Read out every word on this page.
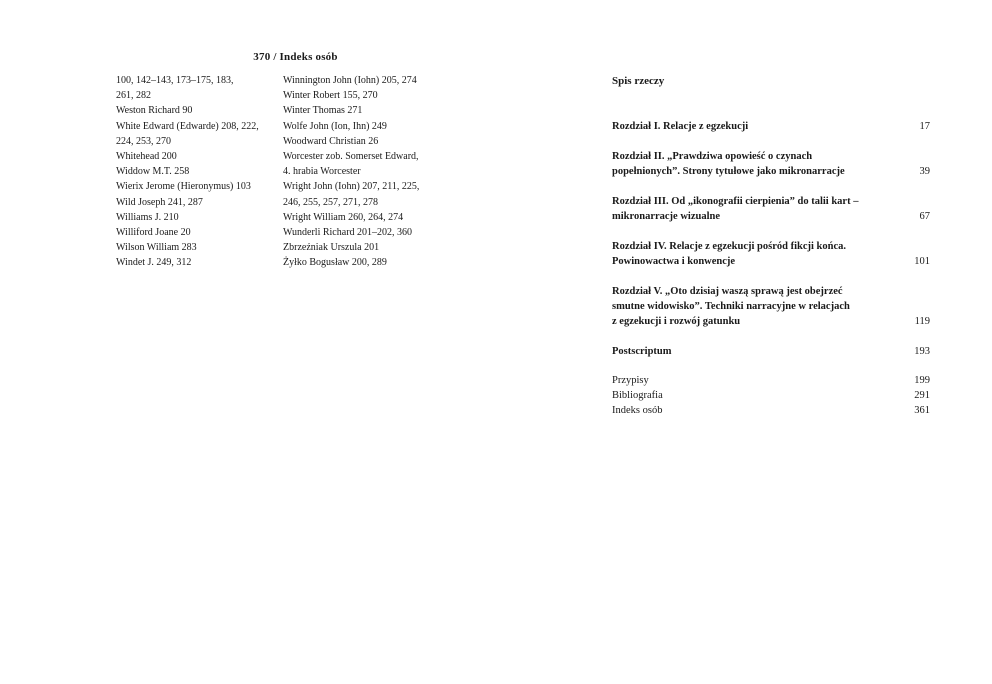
370 / Indeks osób
100, 142–143, 173–175, 183,
261, 282
Weston Richard 90
White Edward (Edwarde) 208, 222,
224, 253, 270
Whitehead 200
Widdow M.T. 258
Wierix Jerome (Hieronymus) 103
Wild Joseph 241, 287
Williams J. 210
Williford Joane 20
Wilson William 283
Windet J. 249, 312
Winnington John (Iohn) 205, 274
Winter Robert 155, 270
Winter Thomas 271
Wolfe John (Ion, Ihn) 249
Woodward Christian 26
Worcester zob. Somerset Edward,
4. hrabia Worcester
Wright John (Iohn) 207, 211, 225,
246, 255, 257, 271, 278
Wright William 260, 264, 274
Wunderli Richard 201–202, 360
Zbrzeźniak Urszula 201
Żyłko Bogusław 200, 289
Spis rzeczy
Rozdział I. Relacje z egzekucji	17
Rozdział II. „Prawdziwa opowieść o czynach
popełnionych”. Strony tytułowe jako mikronarracje	39
Rozdział III. Od „ikonografii cierpienia” do talii kart –
mikronarracje wizualne	67
Rozdział IV. Relacje z egzekucji pośród fikcji końca.
Powinowactwa i konwencje	101
Rozdział V. „Oto dzisiaj waszą sprawą jest obejrzeć
smutne widowisko”. Techniki narracyjne w relacjach
z egzekucji i rozwój gatunku	119
Postscriptum	193
Przypisy	199
Bibliografia	291
Indeks osób	361
